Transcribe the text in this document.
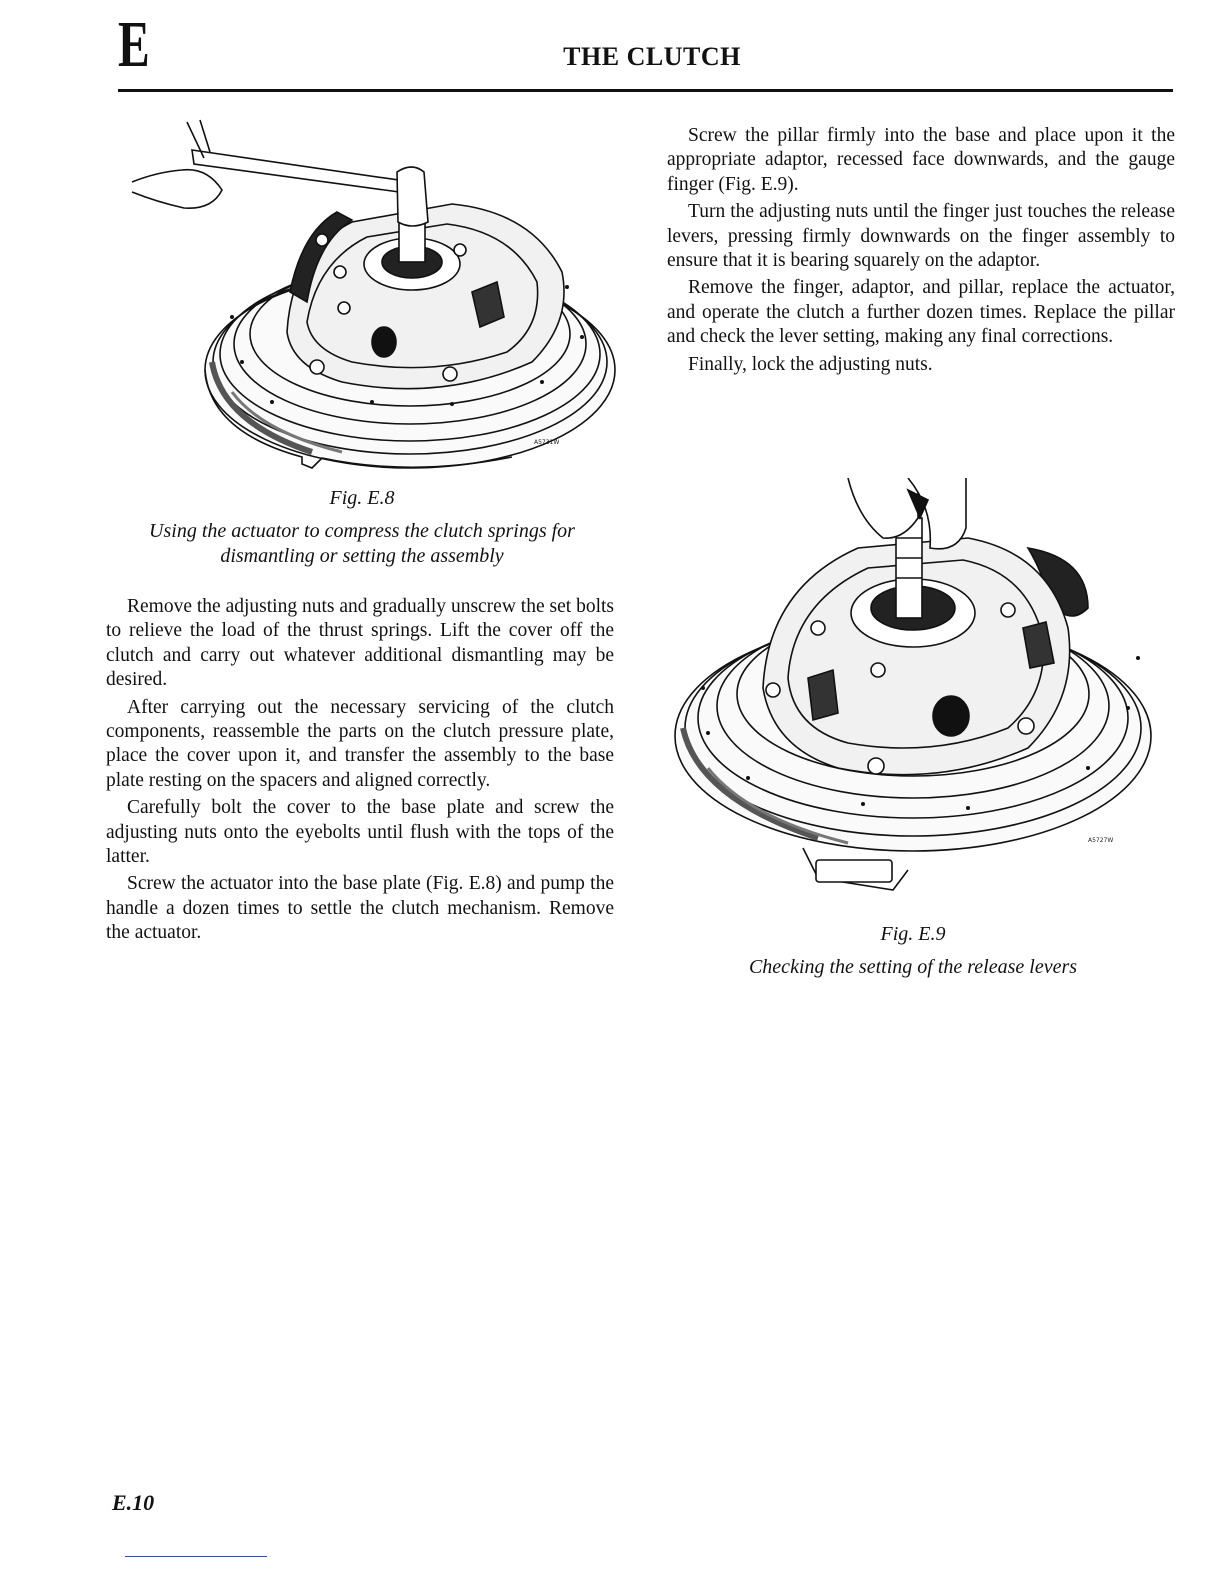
E	THE CLUTCH
A5731W
Fig. E.8
Using the actuator to compress the clutch springs for
dismantling or setting the assembly

Remove the adjusting nuts and gradually unscrew the set bolts to relieve the load of the thrust springs. Lift the cover off the clutch and carry out whatever additional dismantling may be desired.

After carrying out the necessary servicing of the clutch components, reassemble the parts on the clutch pressure plate, place the cover upon it, and transfer the assembly to the base plate resting on the spacers and aligned correctly.

Carefully bolt the cover to the base plate and screw the adjusting nuts onto the eyebolts until flush with the tops of the latter.

Screw the actuator into the base plate (Fig. E.8) and pump the handle a dozen times to settle the clutch mechanism. Remove the actuator.

Screw the pillar firmly into the base and place upon it the appropriate adaptor, recessed face downwards, and the gauge finger (Fig. E.9).

Turn the adjusting nuts until the finger just touches the release levers, pressing firmly downwards on the finger assembly to ensure that it is bearing squarely on the adaptor.

Remove the finger, adaptor, and pillar, replace the actuator, and operate the clutch a further dozen times. Replace the pillar and check the lever setting, making any final corrections.

Finally, lock the adjusting nuts.

A5727W
Fig. E.9
Checking the setting of the release levers
E.10
